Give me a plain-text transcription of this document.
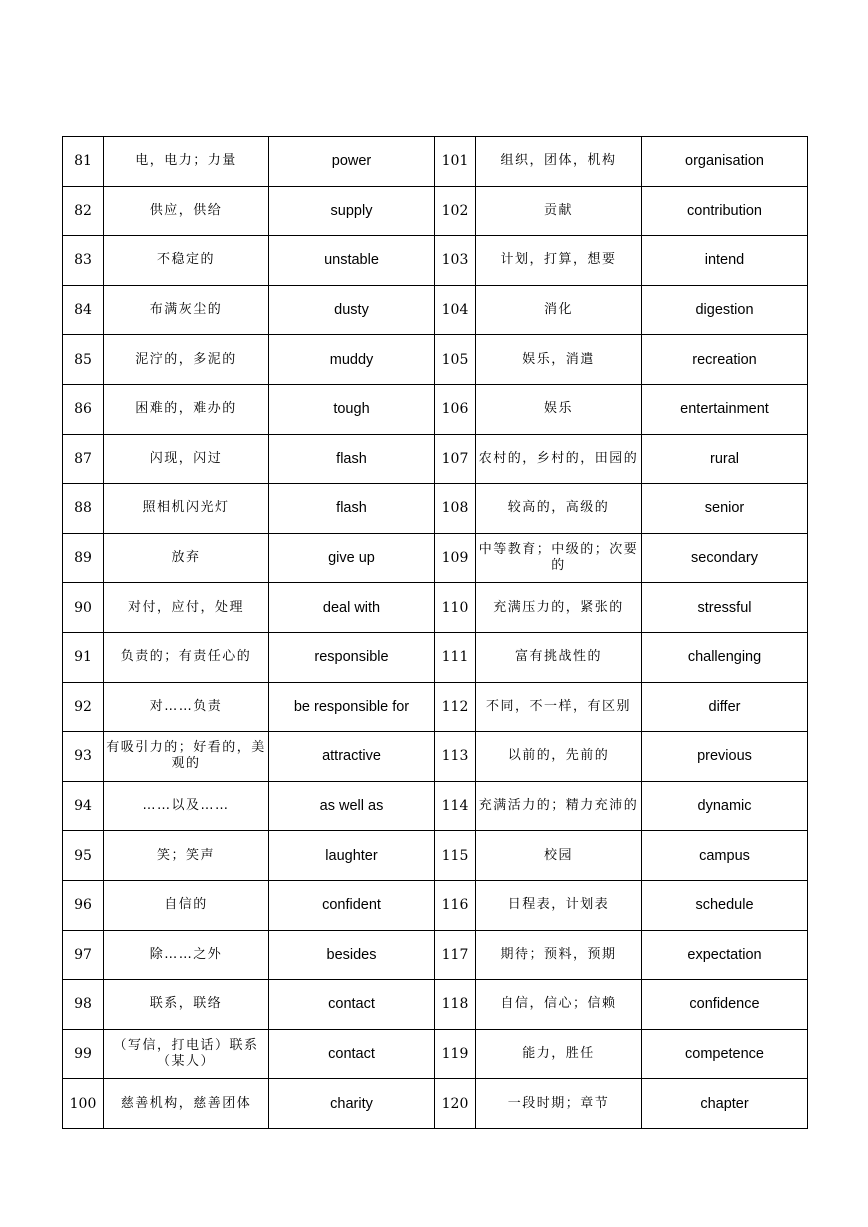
81	电，电力；力量	power	101	组织，团体，机构	organisation
82	供应，供给	supply	102	贡献	contribution
83	不稳定的	unstable	103	计划，打算，想要	intend
84	布满灰尘的	dusty	104	消化	digestion
85	泥泞的，多泥的	muddy	105	娱乐，消遣	recreation
86	困难的，难办的	tough	106	娱乐	entertainment
87	闪现，闪过	flash	107	农村的，乡村的，田园的	rural
88	照相机闪光灯	flash	108	较高的，高级的	senior
89	放弃	give up	109	中等教育；中级的；次要的	secondary
90	对付，应付，处理	deal with	110	充满压力的，紧张的	stressful
91	负责的；有责任心的	responsible	111	富有挑战性的	challenging
92	对……负责	be responsible for	112	不同，不一样，有区别	differ
93	有吸引力的；好看的，美观的	attractive	113	以前的，先前的	previous
94	……以及……	as well as	114	充满活力的；精力充沛的	dynamic
95	笑；笑声	laughter	115	校园	campus
96	自信的	confident	116	日程表，计划表	schedule
97	除……之外	besides	117	期待；预料，预期	expectation
98	联系，联络	contact	118	自信，信心；信赖	confidence
99	（写信，打电话）联系（某人）	contact	119	能力，胜任	competence
100	慈善机构，慈善团体	charity	120	一段时期；章节	chapter
